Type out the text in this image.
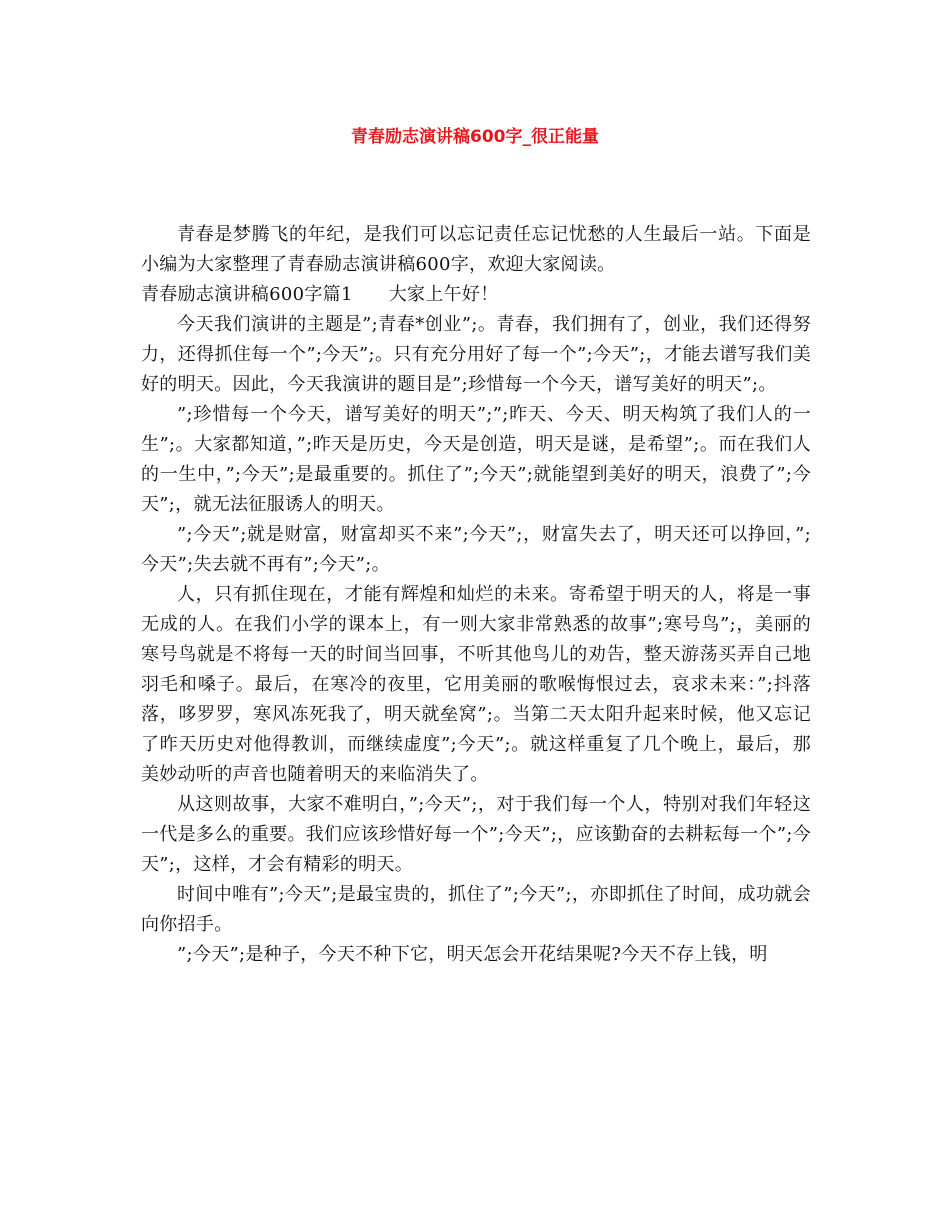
青春励志演讲稿600字_很正能量

青春是梦腾飞的年纪，是我们可以忘记责任忘记忧愁的人生最后一站。下面是小编为大家整理了青春励志演讲稿600字，欢迎大家阅读。

青春励志演讲稿600字篇1 大家上午好！

今天我们演讲的主题是”;青春*创业”;。青春，我们拥有了，创业，我们还得努力，还得抓住每一个”;今天”;。只有充分用好了每一个”;今天”;，才能去谱写我们美好的明天。因此，今天我演讲的题目是”;珍惜每一个今天，谱写美好的明天”;。

”;珍惜每一个今天，谱写美好的明天”;”;昨天、今天、明天构筑了我们人的一生”;。大家都知道，”;昨天是历史，今天是创造，明天是谜，是希望”;。而在我们人的一生中，”;今天”;是最重要的。抓住了”;今天”;就能望到美好的明天，浪费了”;今天”;，就无法征服诱人的明天。

”;今天”;就是财富，财富却买不来”;今天”;，财富失去了，明天还可以挣回，”;今天”;失去就不再有”;今天”;。

人，只有抓住现在，才能有辉煌和灿烂的未来。寄希望于明天的人，将是一事无成的人。在我们小学的课本上，有一则大家非常熟悉的故事”;寒号鸟”;，美丽的寒号鸟就是不将每一天的时间当回事，不听其他鸟儿的劝告，整天游荡买弄自己地羽毛和嗓子。最后，在寒冷的夜里，它用美丽的歌喉悔恨过去，哀求未来：”;抖落落，哆罗罗，寒风冻死我了，明天就垒窝”;。当第二天太阳升起来时候，他又忘记了昨天历史对他得教训，而继续虚度”;今天”;。就这样重复了几个晚上，最后，那美妙动听的声音也随着明天的来临消失了。

从这则故事，大家不难明白，”;今天”;，对于我们每一个人，特别对我们年轻这一代是多么的重要。我们应该珍惜好每一个”;今天”;，应该勤奋的去耕耘每一个”;今天”;，这样，才会有精彩的明天。

时间中唯有”;今天”;是最宝贵的，抓住了”;今天”;，亦即抓住了时间，成功就会向你招手。

”;今天”;是种子，今天不种下它，明天怎会开花结果呢?今天不存上钱，明
